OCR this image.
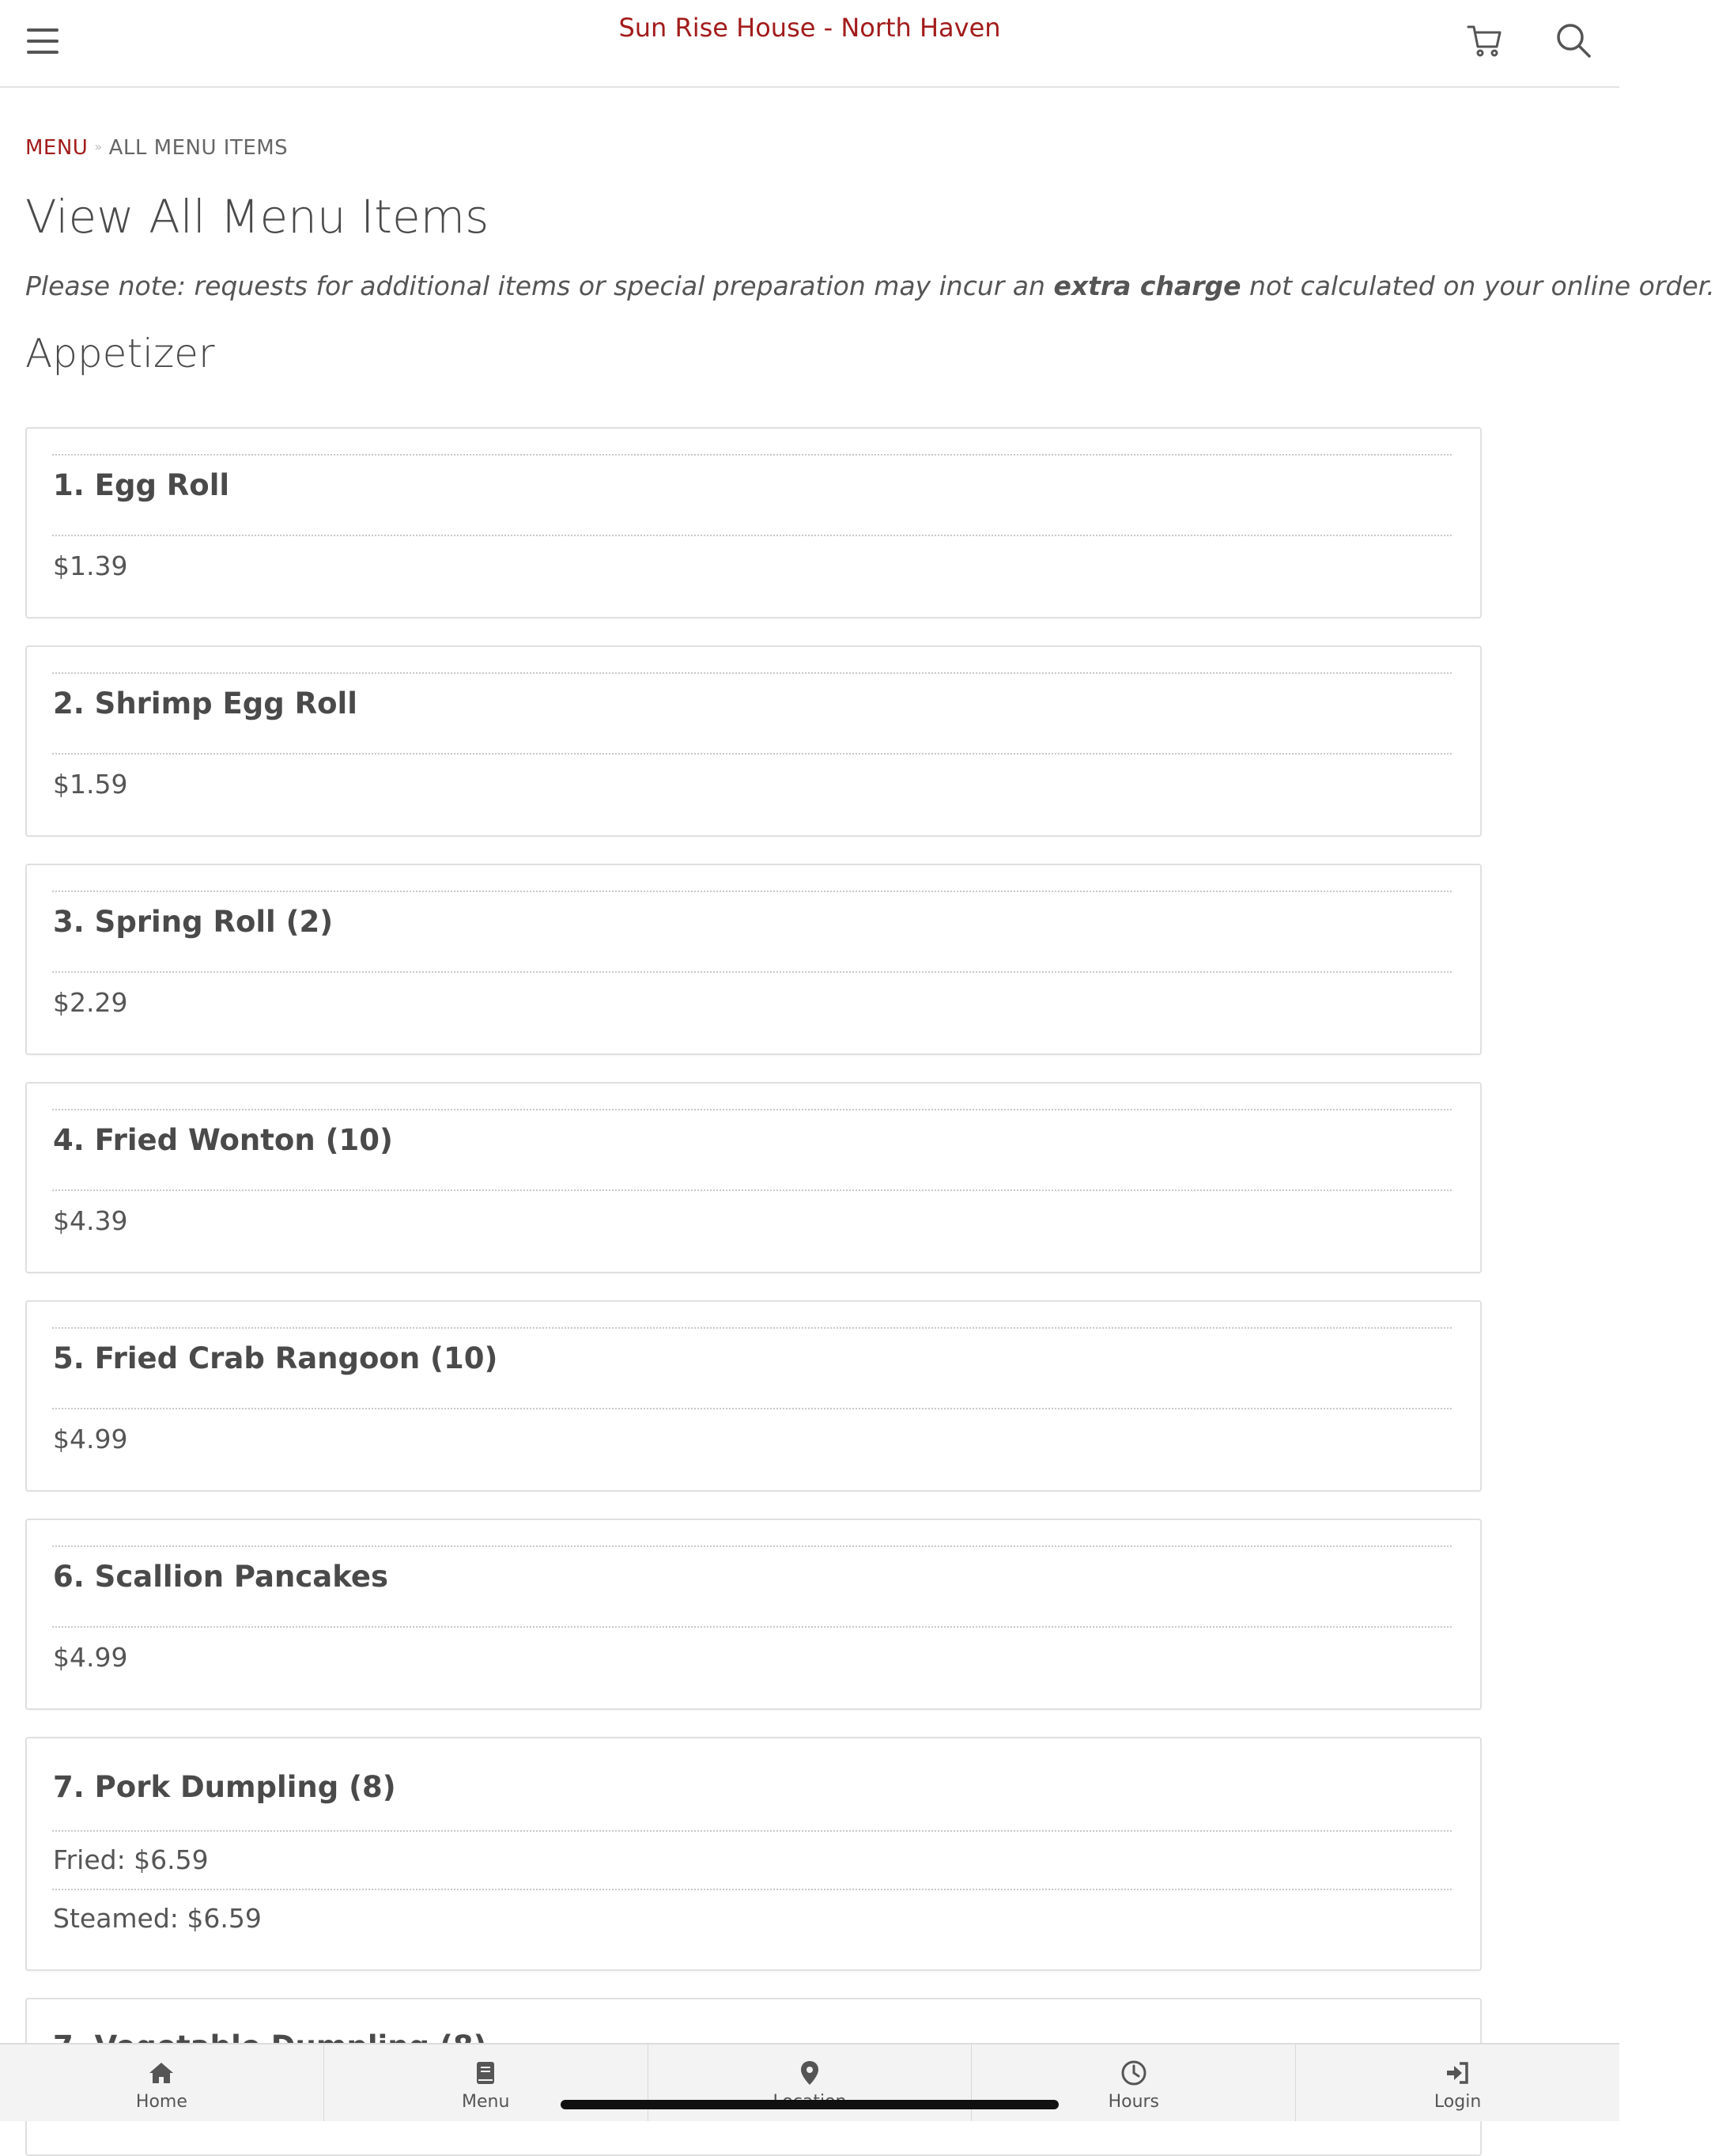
Sun Rise House - North Haven
MENU » ALL MENU ITEMS
View All Menu Items

Please note: requests for additional items or special preparation may incur an extra charge not calculated on your online order.

Appetizer
1. Egg Roll
$1.39
2. Shrimp Egg Roll
$1.59
3. Spring Roll (2)
$2.29
4. Fried Wonton (10)
$4.39
5. Fried Crab Rangoon (10)
$4.99
6. Scallion Pancakes
$4.99
7. Pork Dumpling (8)
Fried: $6.59
Steamed: $6.59
Home	Menu	Hours	Login
